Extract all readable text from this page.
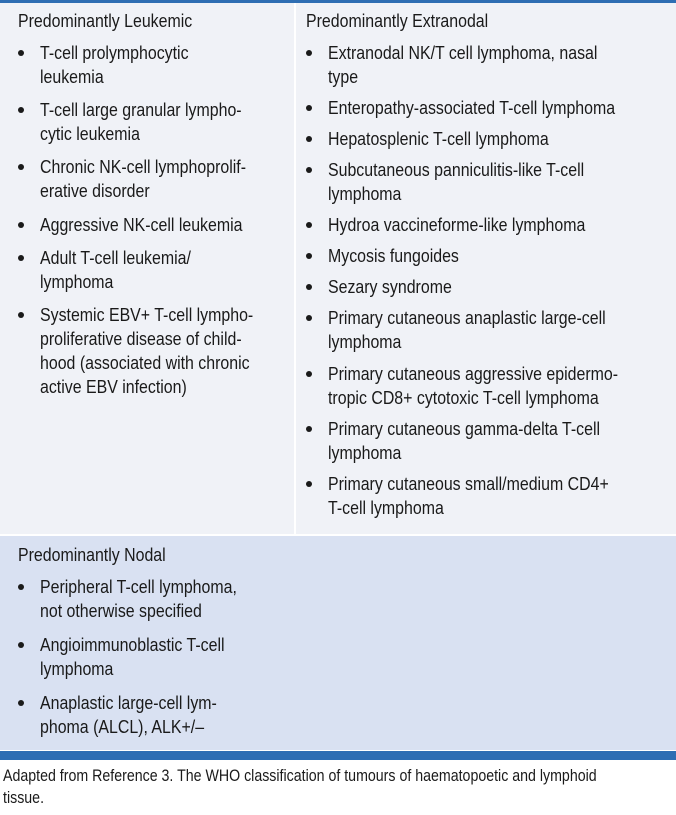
Predominantly Leukemic
T-cell prolymphocytic
leukemia
T-cell large granular lympho-
cytic leukemia
Chronic NK-cell lymphoprolif-
erative disorder
Aggressive NK-cell leukemia
Adult T-cell leukemia/
lymphoma
Systemic EBV+ T-cell lympho-
proliferative disease of child-
hood (associated with chronic
active EBV infection)
Predominantly Extranodal
Extranodal NK/T cell lymphoma, nasal
type
Enteropathy-associated T-cell lymphoma
Hepatosplenic T-cell lymphoma
Subcutaneous panniculitis-like T-cell
lymphoma
Hydroa vaccineforme-like lymphoma
Mycosis fungoides
Sezary syndrome
Primary cutaneous anaplastic large-cell
lymphoma
Primary cutaneous aggressive epidermo-
tropic CD8+ cytotoxic T-cell lymphoma
Primary cutaneous gamma-delta T-cell
lymphoma
Primary cutaneous small/medium CD4+
T-cell lymphoma
Predominantly Nodal
Peripheral T-cell lymphoma,
not otherwise specified
Angioimmunoblastic T-cell
lymphoma
Anaplastic large-cell lym-
phoma (ALCL), ALK+/–
Adapted from Reference 3. The WHO classification of tumours of haematopoetic and lymphoid
tissue.
